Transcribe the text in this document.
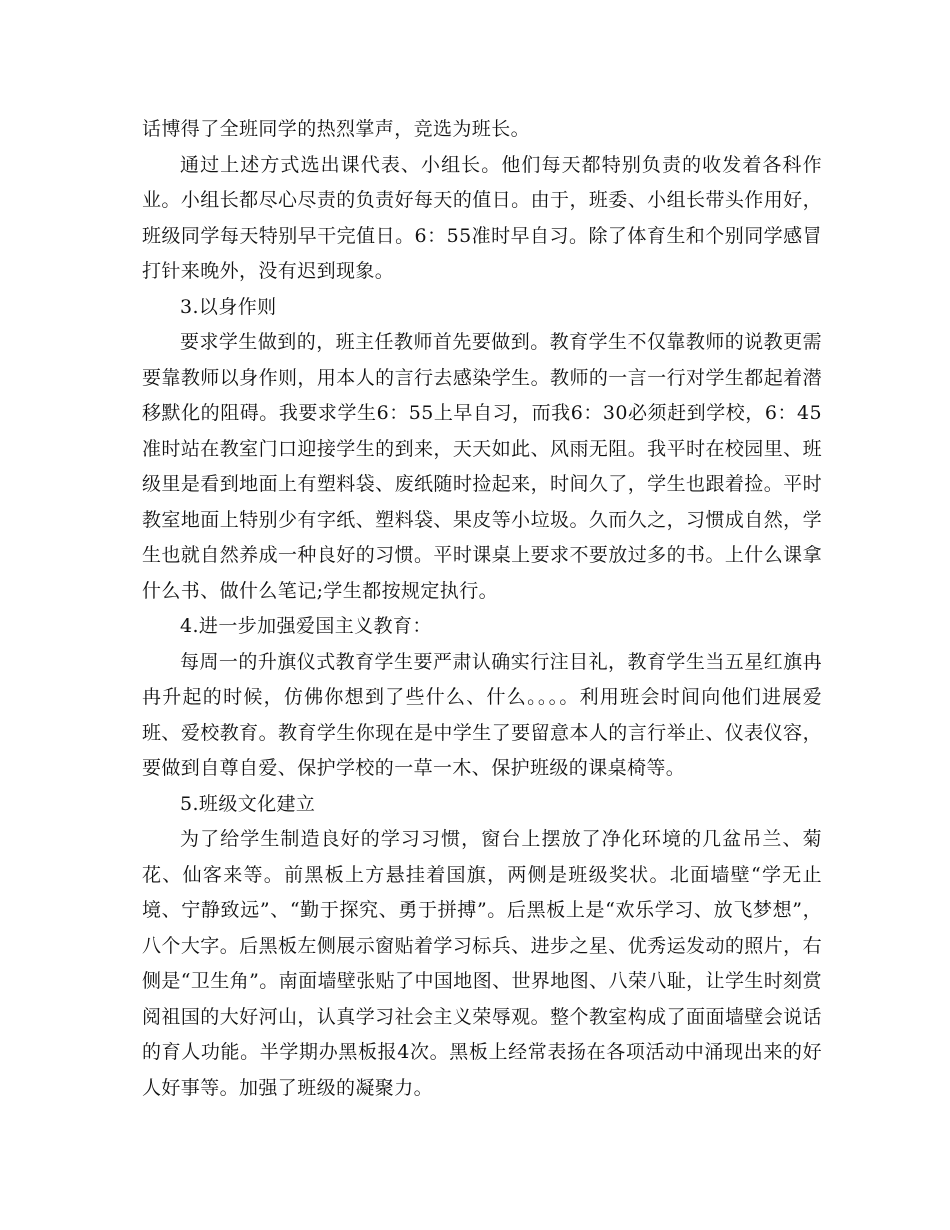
话博得了全班同学的热烈掌声，竞选为班长。

通过上述方式选出课代表、小组长。他们每天都特别负责的收发着各科作业。小组长都尽心尽责的负责好每天的值日。由于，班委、小组长带头作用好，班级同学每天特别早干完值日。6：55准时早自习。除了体育生和个别同学感冒打针来晚外，没有迟到现象。

3.以身作则

要求学生做到的，班主任教师首先要做到。教育学生不仅靠教师的说教更需要靠教师以身作则，用本人的言行去感染学生。教师的一言一行对学生都起着潜移默化的阻碍。我要求学生6：55上早自习，而我6：30必须赶到学校，6：45准时站在教室门口迎接学生的到来，天天如此、风雨无阻。我平时在校园里、班级里是看到地面上有塑料袋、废纸随时捡起来，时间久了，学生也跟着捡。平时教室地面上特别少有字纸、塑料袋、果皮等小垃圾。久而久之，习惯成自然，学生也就自然养成一种良好的习惯。平时课桌上要求不要放过多的书。上什么课拿什么书、做什么笔记;学生都按规定执行。

4.进一步加强爱国主义教育：

每周一的升旗仪式教育学生要严肃认确实行注目礼，教育学生当五星红旗冉冉升起的时候，仿佛你想到了些什么、什么。。。。利用班会时间向他们进展爱班、爱校教育。教育学生你现在是中学生了要留意本人的言行举止、仪表仪容，要做到自尊自爱、保护学校的一草一木、保护班级的课桌椅等。

5.班级文化建立

为了给学生制造良好的学习习惯，窗台上摆放了净化环境的几盆吊兰、菊花、仙客来等。前黑板上方悬挂着国旗，两侧是班级奖状。北面墙壁“学无止境、宁静致远”、“勤于探究、勇于拼搏”。后黑板上是“欢乐学习、放飞梦想”，八个大字。后黑板左侧展示窗贴着学习标兵、进步之星、优秀运发动的照片，右侧是“卫生角”。南面墙壁张贴了中国地图、世界地图、八荣八耻，让学生时刻赏阅祖国的大好河山，认真学习社会主义荣辱观。整个教室构成了面面墙壁会说话的育人功能。半学期办黑板报4次。黑板上经常表扬在各项活动中涌现出来的好人好事等。加强了班级的凝聚力。
